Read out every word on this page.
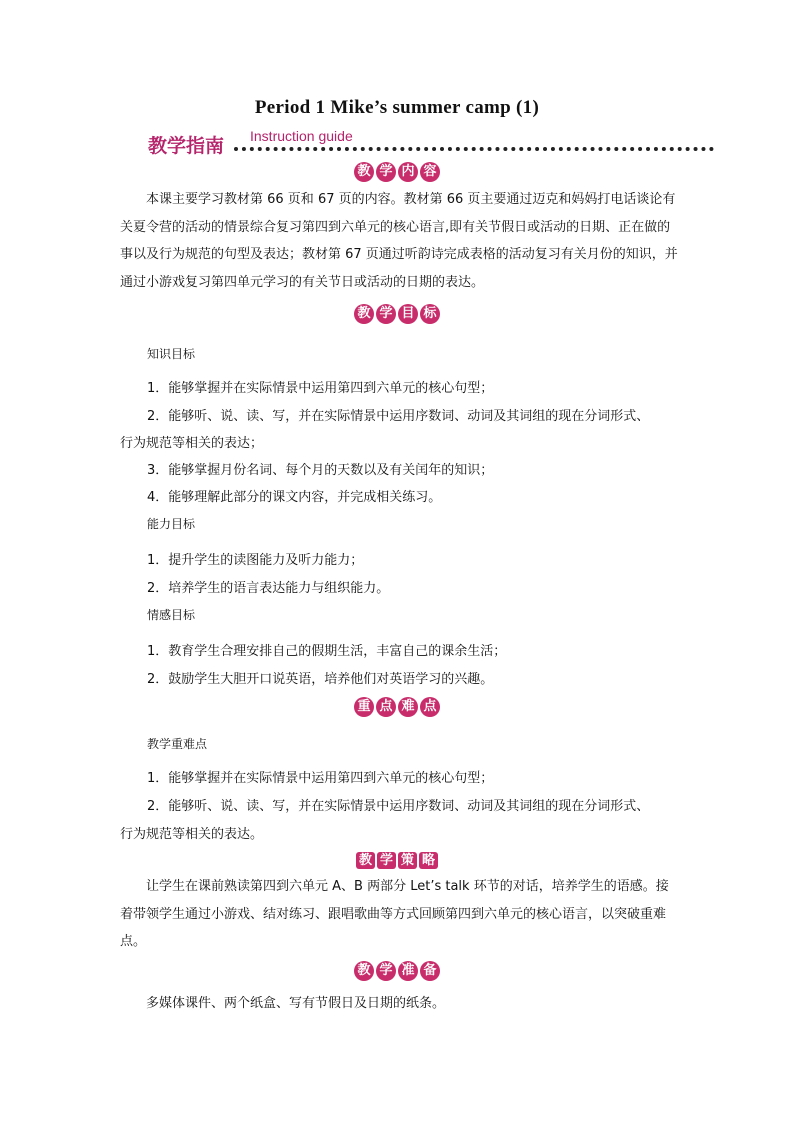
Period 1 Mike’s summer camp (1)
教学指南 Instruction guide
教 学 内 容
本课主要学习教材第 66 页和 67 页的内容。教材第 66 页主要通过迈克和妈妈打电话谈论有关夏令营的活动的情景综合复习第四到六单元的核心语言,即有关节假日或活动的日期、正在做的事以及行为规范的句型及表达；教材第 67 页通过听韵诗完成表格的活动复习有关月份的知识，并通过小游戏复习第四单元学习的有关节日或活动的日期的表达。
教 学 目 标
知识目标
1．能够掌握并在实际情景中运用第四到六单元的核心句型；
2．能够听、说、读、写，并在实际情景中运用序数词、动词及其词组的现在分词形式、
行为规范等相关的表达；
3．能够掌握月份名词、每个月的天数以及有关闰年的知识；
4．能够理解此部分的课文内容，并完成相关练习。
能力目标
1．提升学生的读图能力及听力能力；
2．培养学生的语言表达能力与组织能力。
情感目标
1．教育学生合理安排自己的假期生活，丰富自己的课余生活；
2．鼓励学生大胆开口说英语，培养他们对英语学习的兴趣。
重 点 难 点
教学重难点
1．能够掌握并在实际情景中运用第四到六单元的核心句型；
2．能够听、说、读、写，并在实际情景中运用序数词、动词及其词组的现在分词形式、
行为规范等相关的表达。
教 学 策 略
让学生在课前熟读第四到六单元 A、B 两部分 Let’s talk 环节的对话，培养学生的语感。接着带领学生通过小游戏、结对练习、跟唱歌曲等方式回顾第四到六单元的核心语言，以突破重难点。
教 学 准 备
多媒体课件、两个纸盒、写有节假日及日期的纸条。
